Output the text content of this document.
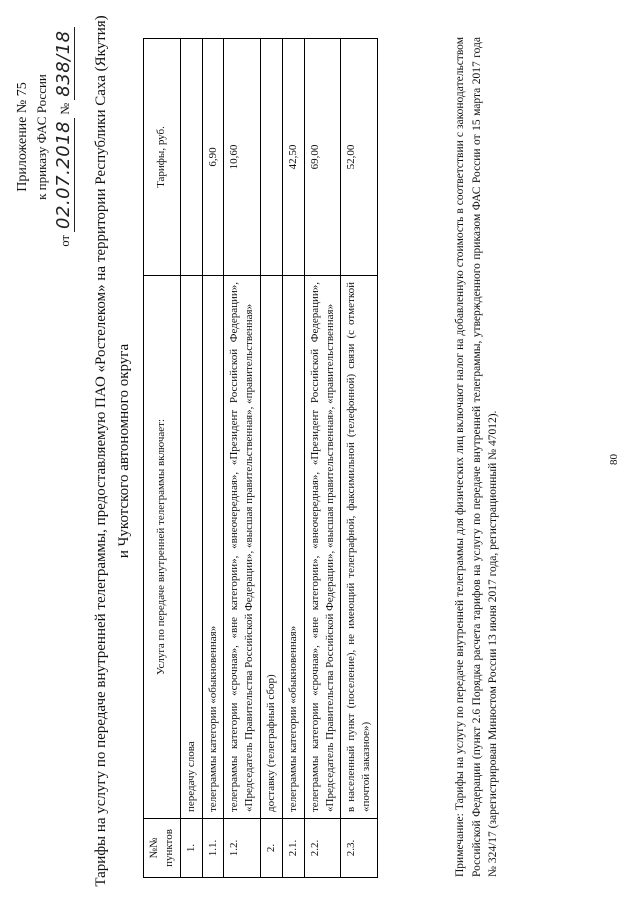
Приложение № 75 к приказу ФАС России
от 02.07.2018 № 838/18 Тарифы на услугу по передаче внутренней телеграммы, предоставляемую ПАО «Ростелеком» на территории Республики Саха (Якутия) и Чукотского автономного округа
№№ пунктов	Услуга по передаче внутренней телеграммы включает:	Тарифы, руб.
1.	передачу слова	
1.1.	телеграммы категории «обыкновенная»	6,90
1.2.	телеграммы категории «срочная», «вне категории», «внеочередная», «Президент Российской Федерации», «Председатель Правительства Российской Федерации», «высшая правительственная», «правительственная»	10,60
2.	доставку (телеграфный сбор)	
2.1.	телеграммы категории «обыкновенная»	42,50
2.2.	телеграммы категории «срочная», «вне категории», «внеочередная», «Президент Российской Федерации», «Председатель Правительства Российской Федерации», «высшая правительственная», «правительственная»	69,00
2.3.	в населенный пункт (поселение), не имеющий телеграфной, факсимильной (телефонной) связи (с отметкой «почтой заказное»)	52,00	Примечание: Тарифы на услугу по передаче внутренней телеграммы для физических лиц включают налог на добавленную стоимость в соответствии с законодательством Российской Федерации (пункт 2.6 Порядка расчета тарифов на услугу по передаче внутренней телеграммы, утвержденного приказом ФАС России от 15 марта 2017 года № 324/17 (зарегистрирован Минюстом России 13 июня 2017 года, регистрационный № 47012).	80
